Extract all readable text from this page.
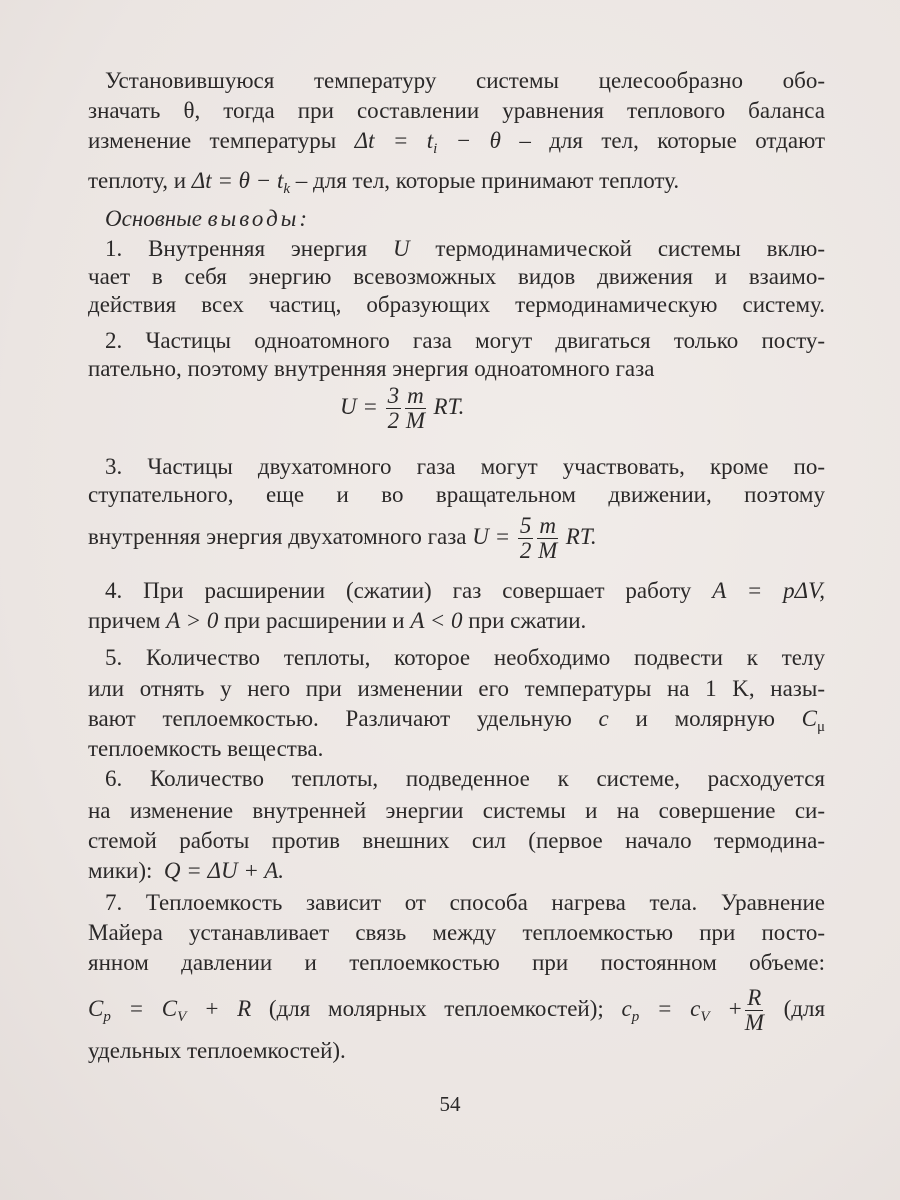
Установившуюся температуру системы целесообразно обо-
значать θ, тогда при составлении уравнения теплового баланса
изменение температуры $\Delta t = t_i - \theta$ – для тел, которые отдают
теплоту, и $\Delta t = \theta - t_k$ – для тел, которые принимают теплоту.
Основные выводы:
1. Внутренняя энергия U термодинамической системы вклю-
чает в себя энергию всевозможных видов движения и взаимо-
действия всех частиц, образующих термодинамическую систему.
2. Частицы одноатомного газа могут двигаться только посту-
пательно, поэтому внутренняя энергия одноатомного газа
$U = \frac{3}{2} \frac{m}{M}$ RT.
3. Частицы двухатомного газа могут участвовать, кроме по-
ступательного, еще и во вращательном движении, поэтому
внутренняя энергия двухатомного газа $U = \frac{5}{2} \frac{m}{M}$ RT.
4. При расширении (сжатии) газ совершает работу A = pΔV,
причем A > 0 при расширении и A < 0 при сжатии.
5. Количество теплоты, которое необходимо подвести к телу
или отнять у него при изменении его температуры на 1 K, назы-
вают теплоемкостью. Различают удельную c и молярную $C_\mu$
теплоемкость вещества.
6. Количество теплоты, подведенное к системе, расходуется
на изменение внутренней энергии системы и на совершение си-
стемой работы против внешних сил (первое начало термодина-
мики): Q = ΔU + A.
7. Теплоемкость зависит от способа нагрева тела. Уравнение
Майера устанавливает связь между теплоемкостью при посто-
янном давлении и теплоемкостью при постоянном объеме:
$C_p = C_V + R$ (для молярных теплоемкостей); $c_p = c_V + \frac{R}{M} (для$
удельных теплоемкостей).
54
